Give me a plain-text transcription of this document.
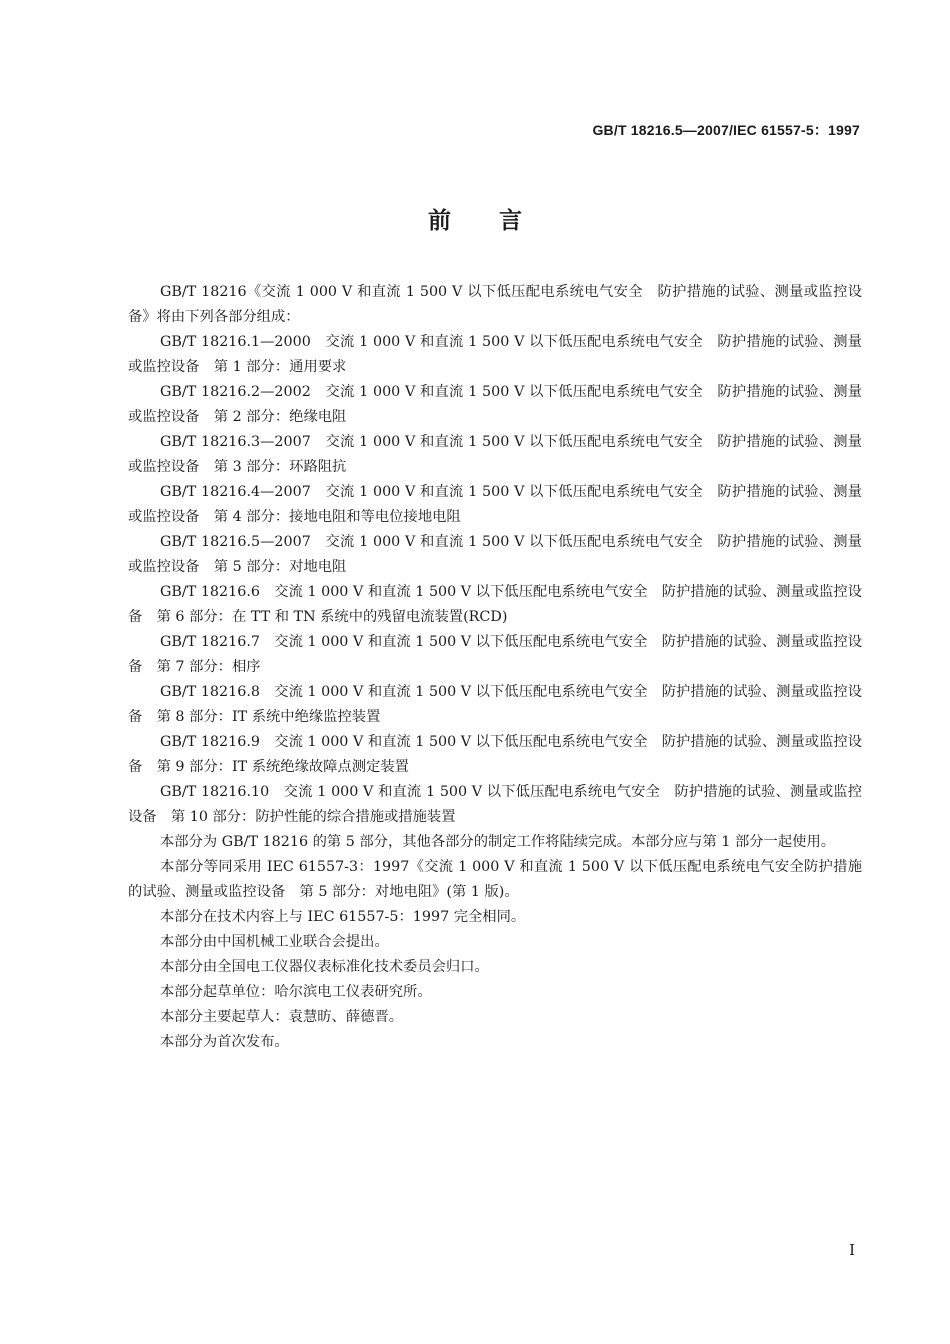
GB/T 18216.5—2007/IEC 61557-5：1997
前言

GB/T 18216《交流 1 000 V 和直流 1 500 V 以下低压配电系统电气安全　防护措施的试验、测量或监控设备》将由下列各部分组成：

GB/T 18216.1—2000　交流 1 000 V 和直流 1 500 V 以下低压配电系统电气安全　防护措施的试验、测量或监控设备　第 1 部分：通用要求

GB/T 18216.2—2002　交流 1 000 V 和直流 1 500 V 以下低压配电系统电气安全　防护措施的试验、测量或监控设备　第 2 部分：绝缘电阻

GB/T 18216.3—2007　交流 1 000 V 和直流 1 500 V 以下低压配电系统电气安全　防护措施的试验、测量或监控设备　第 3 部分：环路阻抗

GB/T 18216.4—2007　交流 1 000 V 和直流 1 500 V 以下低压配电系统电气安全　防护措施的试验、测量或监控设备　第 4 部分：接地电阻和等电位接地电阻

GB/T 18216.5—2007　交流 1 000 V 和直流 1 500 V 以下低压配电系统电气安全　防护措施的试验、测量或监控设备　第 5 部分：对地电阻

GB/T 18216.6　交流 1 000 V 和直流 1 500 V 以下低压配电系统电气安全　防护措施的试验、测量或监控设备　第 6 部分：在 TT 和 TN 系统中的残留电流装置(RCD)

GB/T 18216.7　交流 1 000 V 和直流 1 500 V 以下低压配电系统电气安全　防护措施的试验、测量或监控设备　第 7 部分：相序

GB/T 18216.8　交流 1 000 V 和直流 1 500 V 以下低压配电系统电气安全　防护措施的试验、测量或监控设备　第 8 部分：IT 系统中绝缘监控装置

GB/T 18216.9　交流 1 000 V 和直流 1 500 V 以下低压配电系统电气安全　防护措施的试验、测量或监控设备　第 9 部分：IT 系统绝缘故障点测定装置

GB/T 18216.10　交流 1 000 V 和直流 1 500 V 以下低压配电系统电气安全　防护措施的试验、测量或监控设备　第 10 部分：防护性能的综合措施或措施装置

本部分为 GB/T 18216 的第 5 部分，其他各部分的制定工作将陆续完成。本部分应与第 1 部分一起使用。

本部分等同采用 IEC 61557-3：1997《交流 1 000 V 和直流 1 500 V 以下低压配电系统电气安全防护措施的试验、测量或监控设备　第 5 部分：对地电阻》(第 1 版)。

本部分在技术内容上与 IEC 61557-5：1997 完全相同。

本部分由中国机械工业联合会提出。

本部分由全国电工仪器仪表标准化技术委员会归口。

本部分起草单位：哈尔滨电工仪表研究所。

本部分主要起草人：袁慧昉、薛德晋。

本部分为首次发布。

I
